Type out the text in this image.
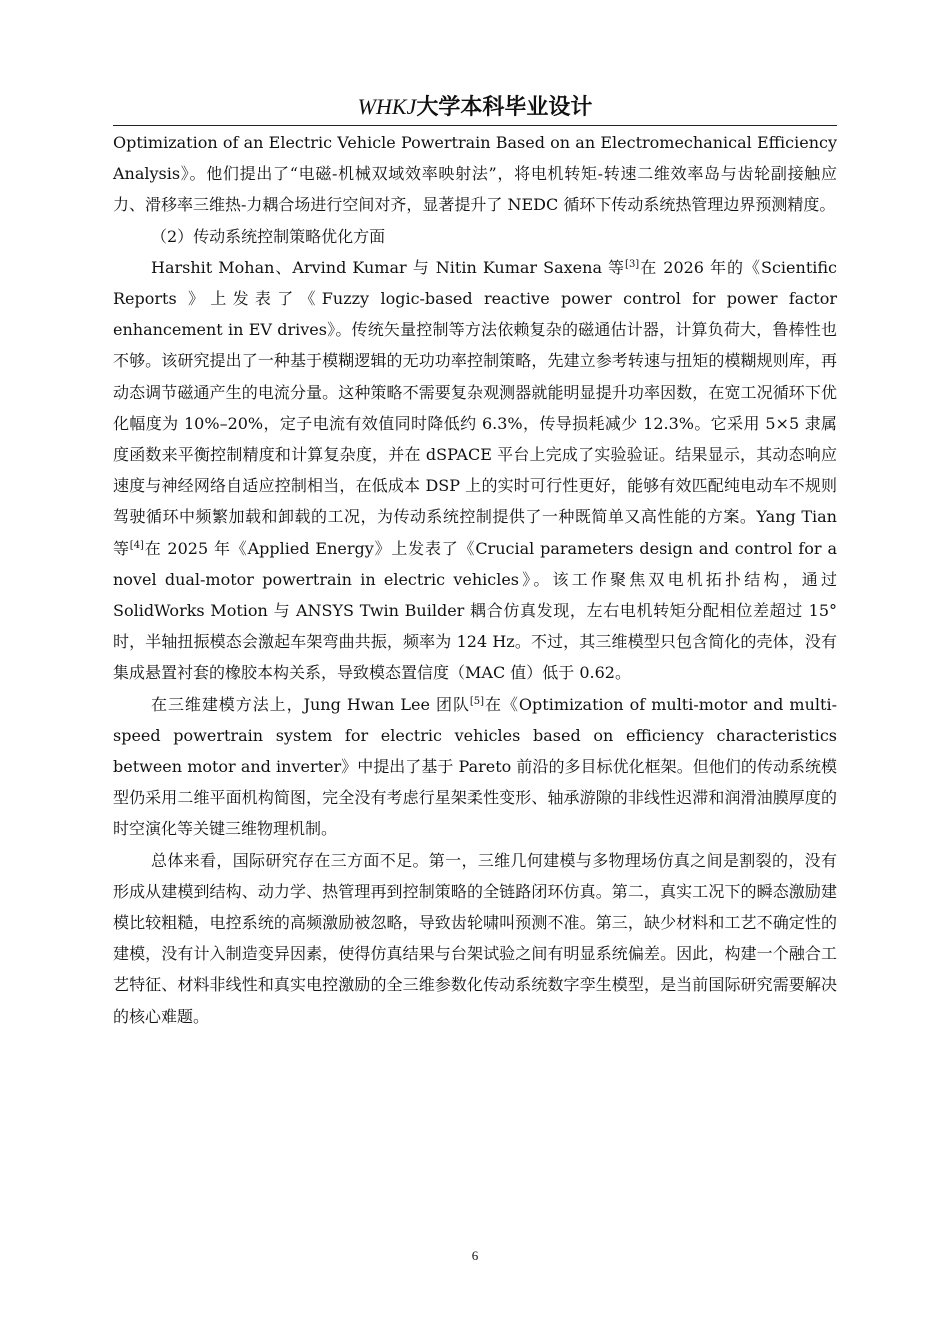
WHKJ大学本科毕业设计

Optimization of an Electric Vehicle Powertrain Based on an Electromechanical Efficiency Analysis》。他们提出了“电磁-机械双域效率映射法”，将电机转矩-转速二维效率岛与齿轮副接触应力、滑移率三维热-力耦合场进行空间对齐，显著提升了 NEDC 循环下传动系统热管理边界预测精度。

（2）传动系统控制策略优化方面

Harshit Mohan、Arvind Kumar 与 Nitin Kumar Saxena 等[3]在 2026 年的《Scientific Reports 》上发表了《Fuzzy logic-based reactive power control for power factor enhancement in EV drives》。传统矢量控制等方法依赖复杂的磁通估计器，计算负荷大，鲁棒性也不够。该研究提出了一种基于模糊逻辑的无功功率控制策略，先建立参考转速与扭矩的模糊规则库，再动态调节磁通产生的电流分量。这种策略不需要复杂观测器就能明显提升功率因数，在宽工况循环下优化幅度为 10%–20%，定子电流有效值同时降低约 6.3%，传导损耗减少 12.3%。它采用 5×5 隶属度函数来平衡控制精度和计算复杂度，并在 dSPACE 平台上完成了实验验证。结果显示，其动态响应速度与神经网络自适应控制相当，在低成本 DSP 上的实时可行性更好，能够有效匹配纯电动车不规则驾驶循环中频繁加载和卸载的工况，为传动系统控制提供了一种既简单又高性能的方案。Yang Tian 等[4]在 2025 年《Applied Energy》上发表了《Crucial parameters design and control for a novel dual-motor powertrain in electric vehicles》。该工作聚焦双电机拓扑结构，通过 SolidWorks Motion 与 ANSYS Twin Builder 耦合仿真发现，左右电机转矩分配相位差超过 15° 时，半轴扭振模态会激起车架弯曲共振，频率为 124 Hz。不过，其三维模型只包含简化的壳体，没有集成悬置衬套的橡胶本构关系，导致模态置信度（MAC 值）低于 0.62。

在三维建模方法上，Jung Hwan Lee 团队[5]在《Optimization of multi-motor and multi-speed powertrain system for electric vehicles based on efficiency characteristics between motor and inverter》中提出了基于 Pareto 前沿的多目标优化框架。但他们的传动系统模型仍采用二维平面机构简图，完全没有考虑行星架柔性变形、轴承游隙的非线性迟滞和润滑油膜厚度的时空演化等关键三维物理机制。

总体来看，国际研究存在三方面不足。第一，三维几何建模与多物理场仿真之间是割裂的，没有形成从建模到结构、动力学、热管理再到控制策略的全链路闭环仿真。第二，真实工况下的瞬态激励建模比较粗糙，电控系统的高频激励被忽略，导致齿轮啸叫预测不准。第三，缺少材料和工艺不确定性的建模，没有计入制造变异因素，使得仿真结果与台架试验之间有明显系统偏差。因此，构建一个融合工艺特征、材料非线性和真实电控激励的全三维参数化传动系统数字孪生模型，是当前国际研究需要解决的核心难题。

6
